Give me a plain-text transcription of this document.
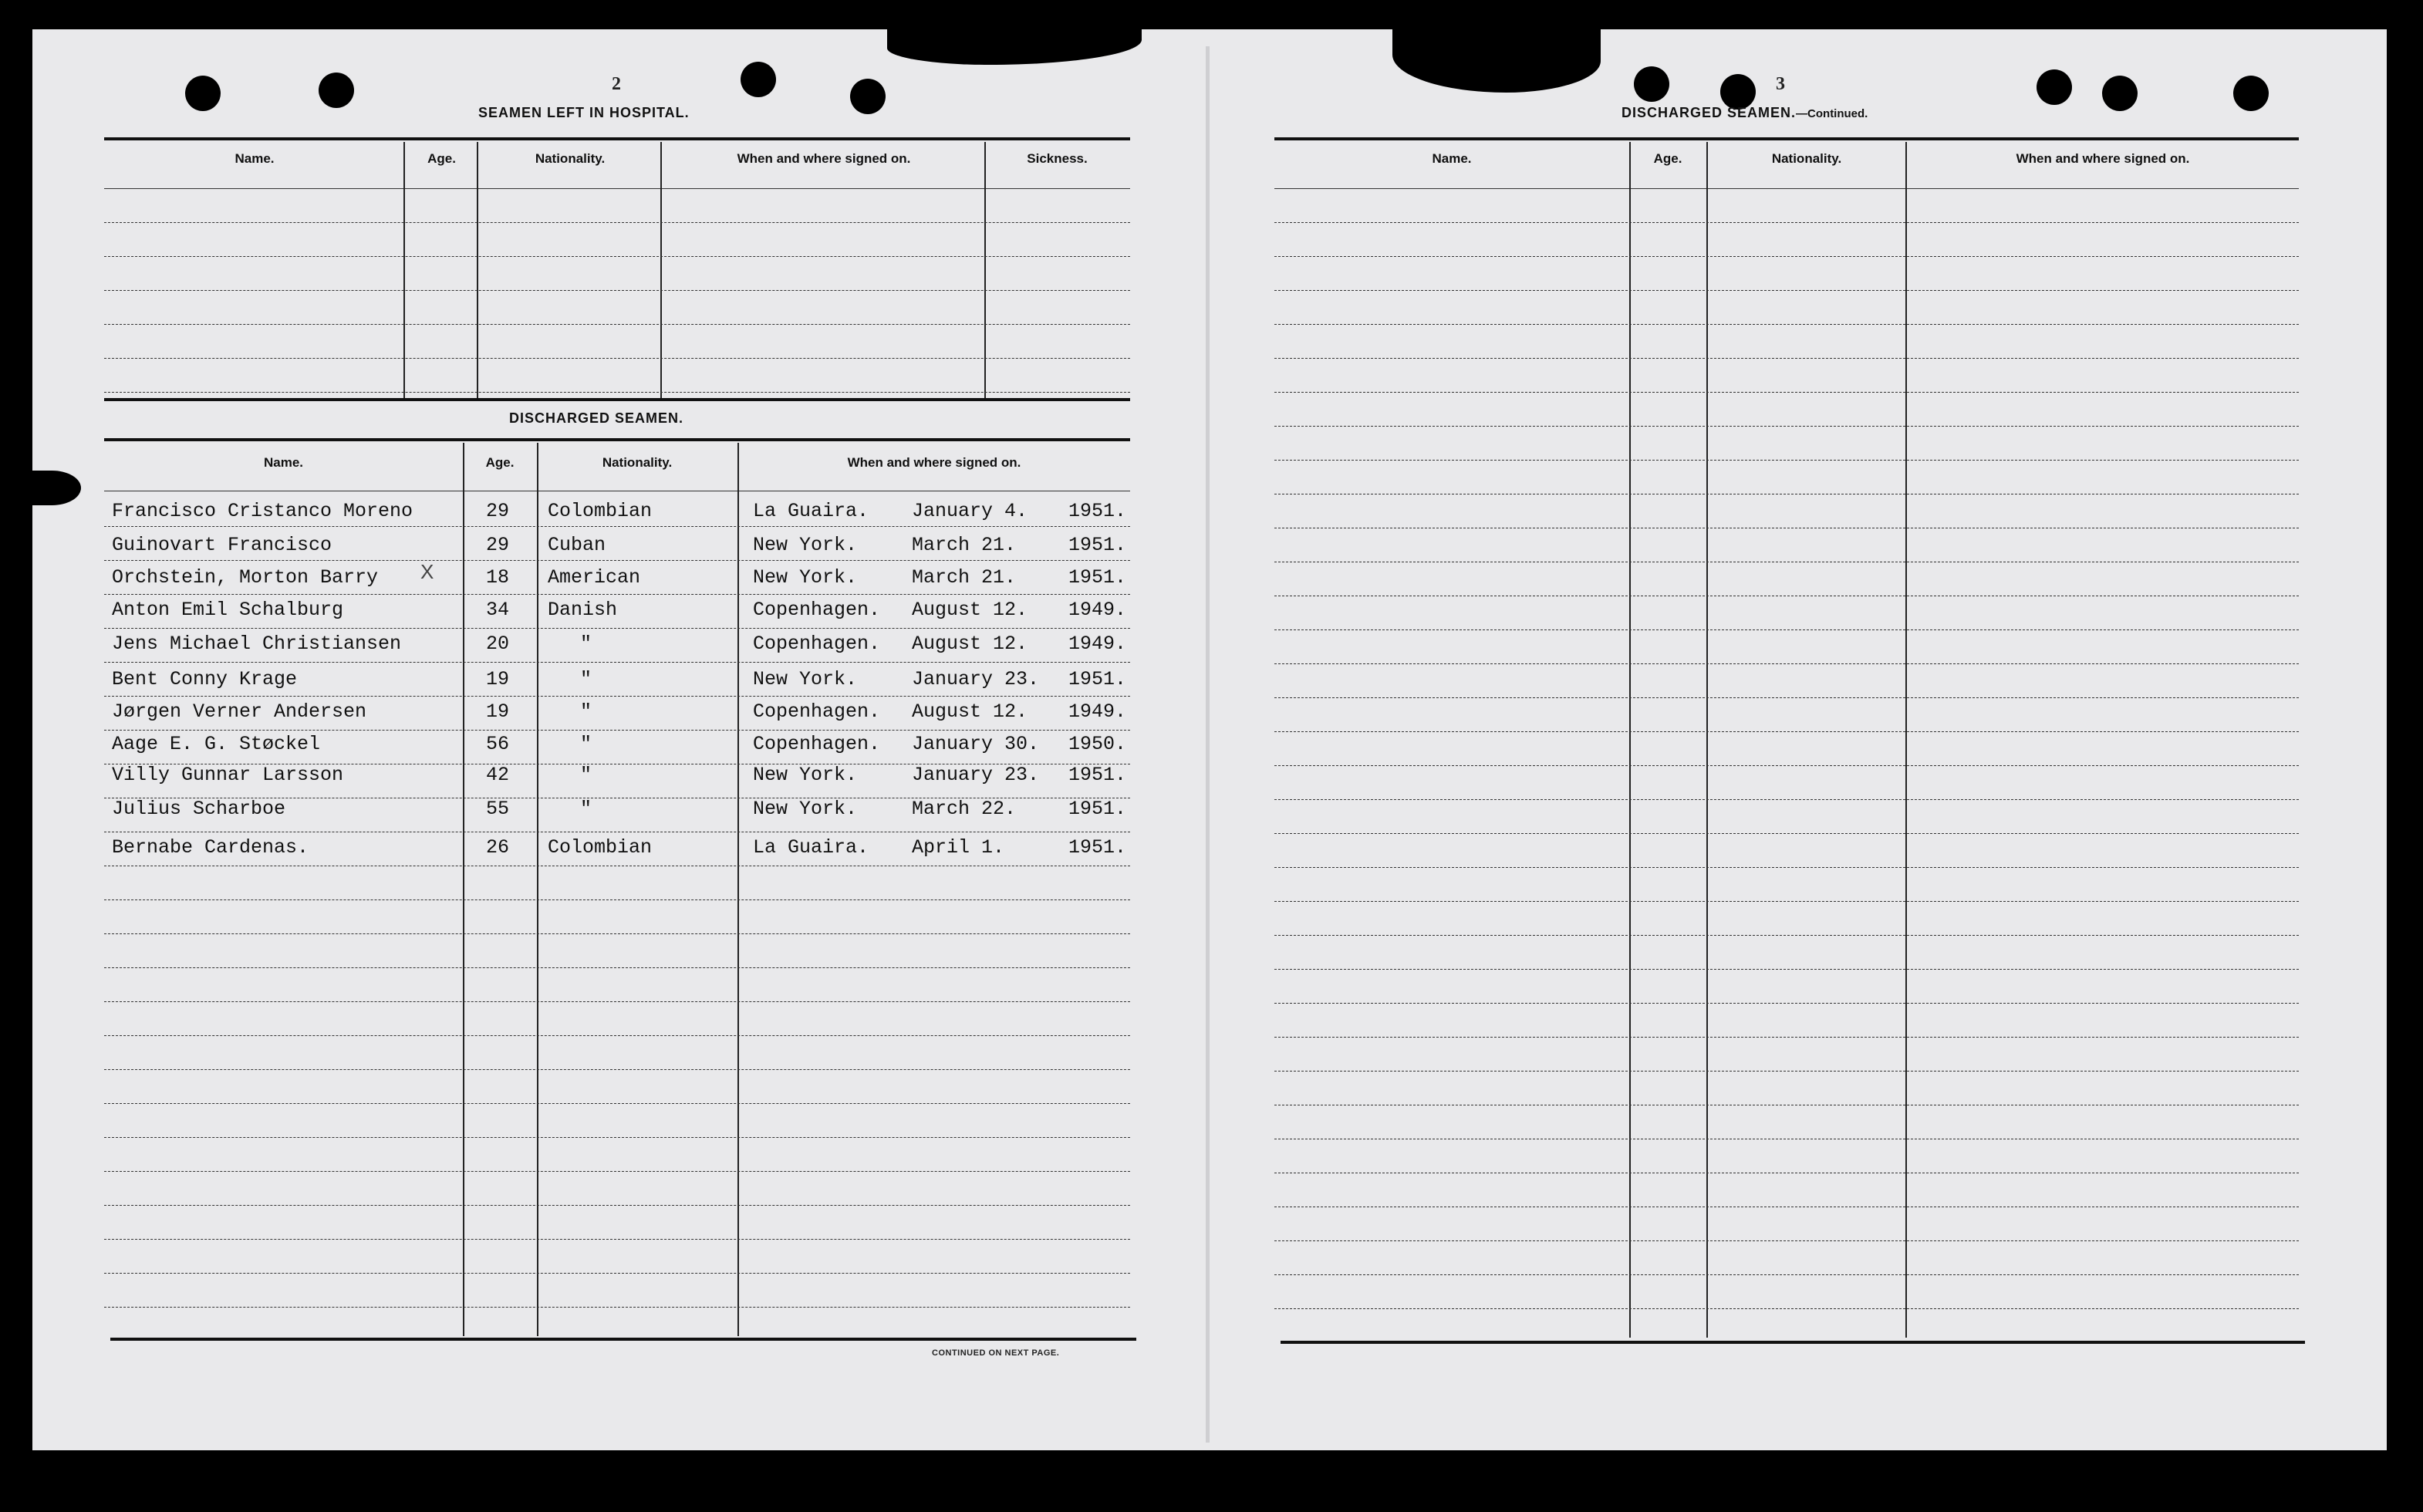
2
SEAMEN LEFT IN HOSPITAL.
Name.	Age.	Nationality.	When and where signed on.	Sickness.
DISCHARGED SEAMEN.
Name.	Age.	Nationality.	When and where signed on.
Francisco Cristanco Moreno	29 Colombian	La Guaira. January 4. 1951.
Guinovart Francisco	29 Cuban	New York.	March 21.	1951.
Orchstein, Morton Barry	18 American	New York.	March 21.	1951.
Anton Emil Schalburg	34 Danish	Copenhagen. August 12. 1949.
Jens Michael Christiansen	20	"	Copenhagen. August 12. 1949.
Bent Conny Krage	19	"	New York.	January 23. 1951.
Jørgen Verner Andersen	19	"	Copenhagen. August 12. 1949.
Aage E. G. Støckel	56	"	Copenhagen. January 30. 1950.
Villy Gunnar Larsson	42	"	New York.	January 23. 1951.
Julius Scharboe	55	"	New York.	March 22.	1951.
Bernabe Cardenas.	26 Colombian	La Guaira. April 1.	1951.
X
CONTINUED ON NEXT PAGE.
3
DISCHARGED SEAMEN.—Continued.
Name.	Age.	Nationality.	When and where signed on.
